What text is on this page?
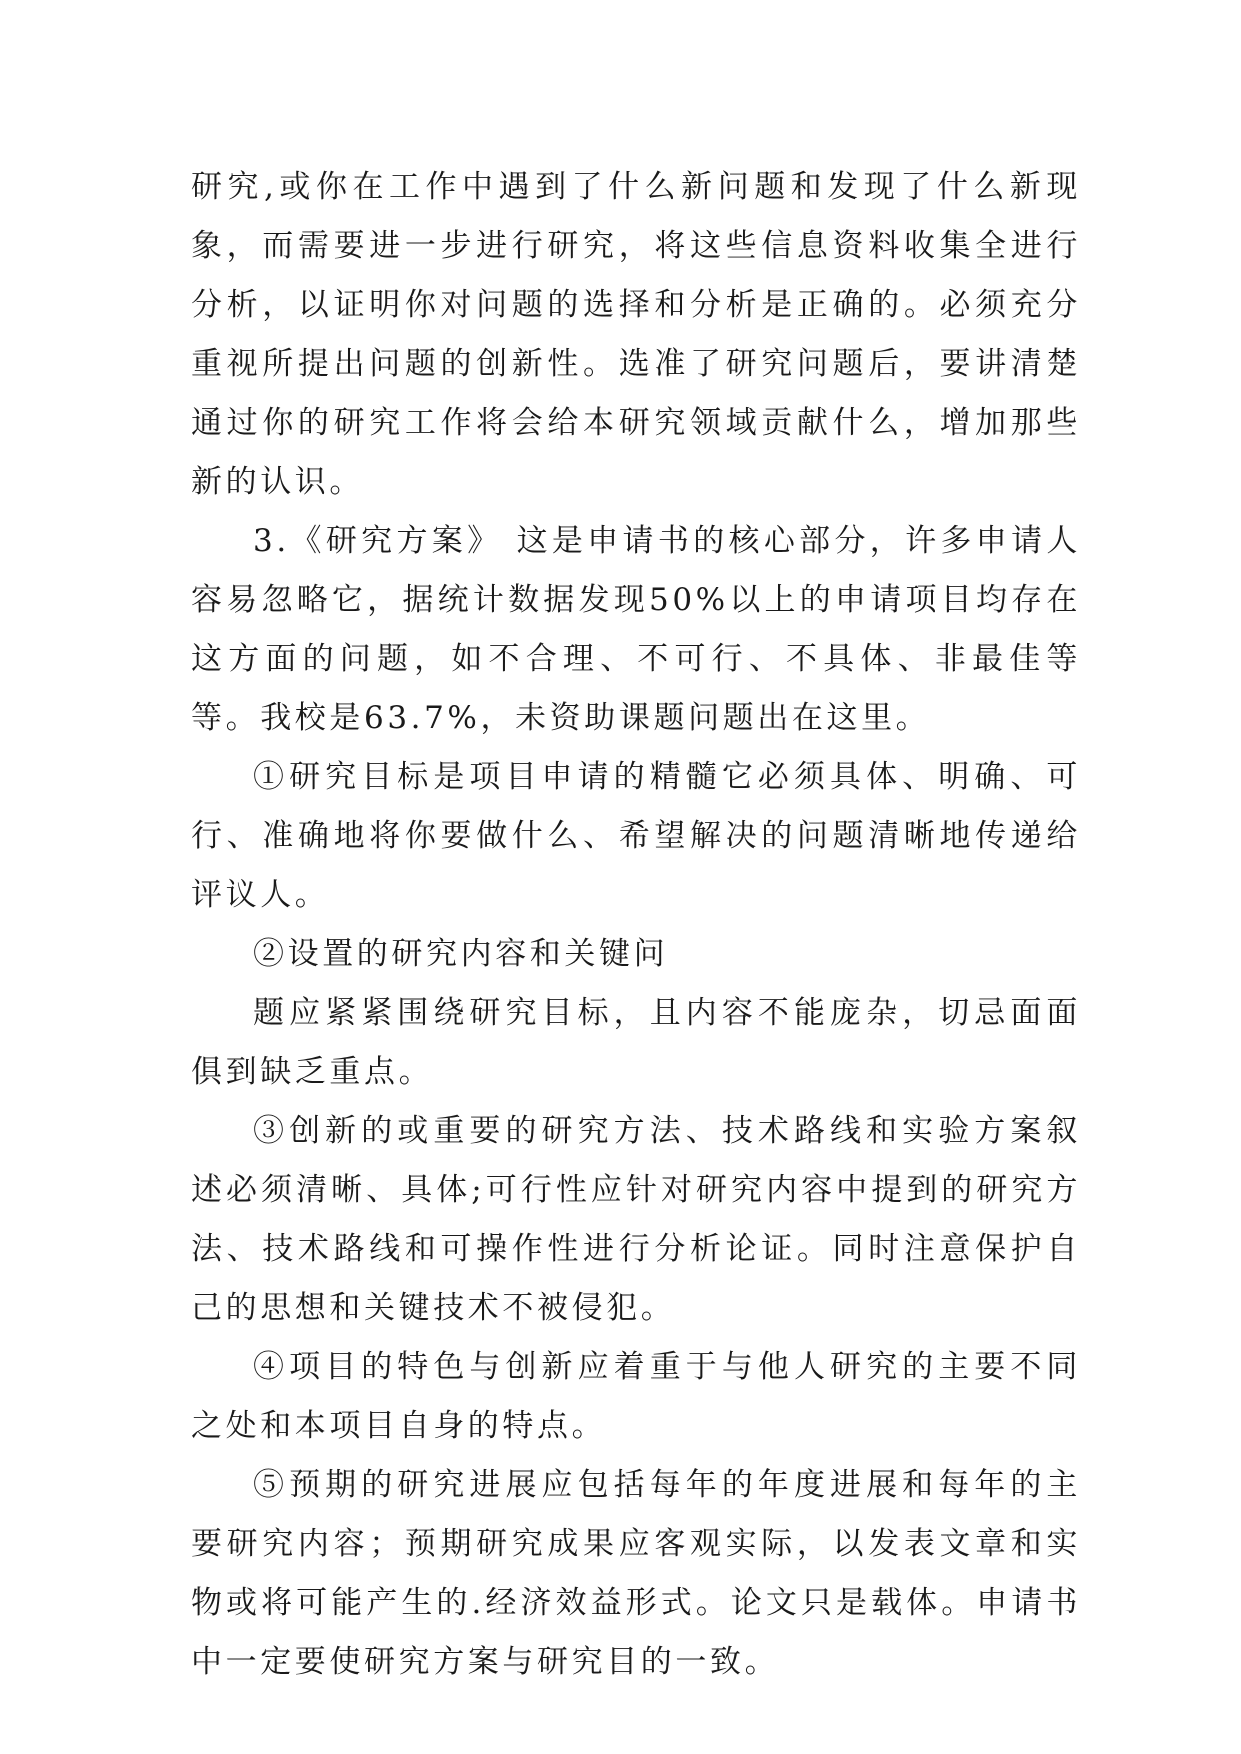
研究,或你在工作中遇到了什么新问题和发现了什么新现象，而需要进一步进行研究，将这些信息资料收集全进行分析，以证明你对问题的选择和分析是正确的。必须充分重视所提出问题的创新性。选准了研究问题后，要讲清楚通过你的研究工作将会给本研究领域贡献什么，增加那些新的认识。

3.《研究方案》 这是申请书的核心部分，许多申请人容易忽略它，据统计数据发现50%以上的申请项目均存在这方面的问题，如不合理、不可行、不具体、非最佳等等。我校是63.7%，未资助课题问题出在这里。

①研究目标是项目申请的精髓它必须具体、明确、可行、准确地将你要做什么、希望解决的问题清晰地传递给评议人。

②设置的研究内容和关键问

题应紧紧围绕研究目标，且内容不能庞杂，切忌面面俱到缺乏重点。

③创新的或重要的研究方法、技术路线和实验方案叙述必须清晰、具体;可行性应针对研究内容中提到的研究方法、技术路线和可操作性进行分析论证。同时注意保护自己的思想和关键技术不被侵犯。

④项目的特色与创新应着重于与他人研究的主要不同之处和本项目自身的特点。

⑤预期的研究进展应包括每年的年度进展和每年的主要研究内容；预期研究成果应客观实际，以发表文章和实物或将可能产生的.经济效益形式。论文只是载体。申请书中一定要使研究方案与研究目的一致。
